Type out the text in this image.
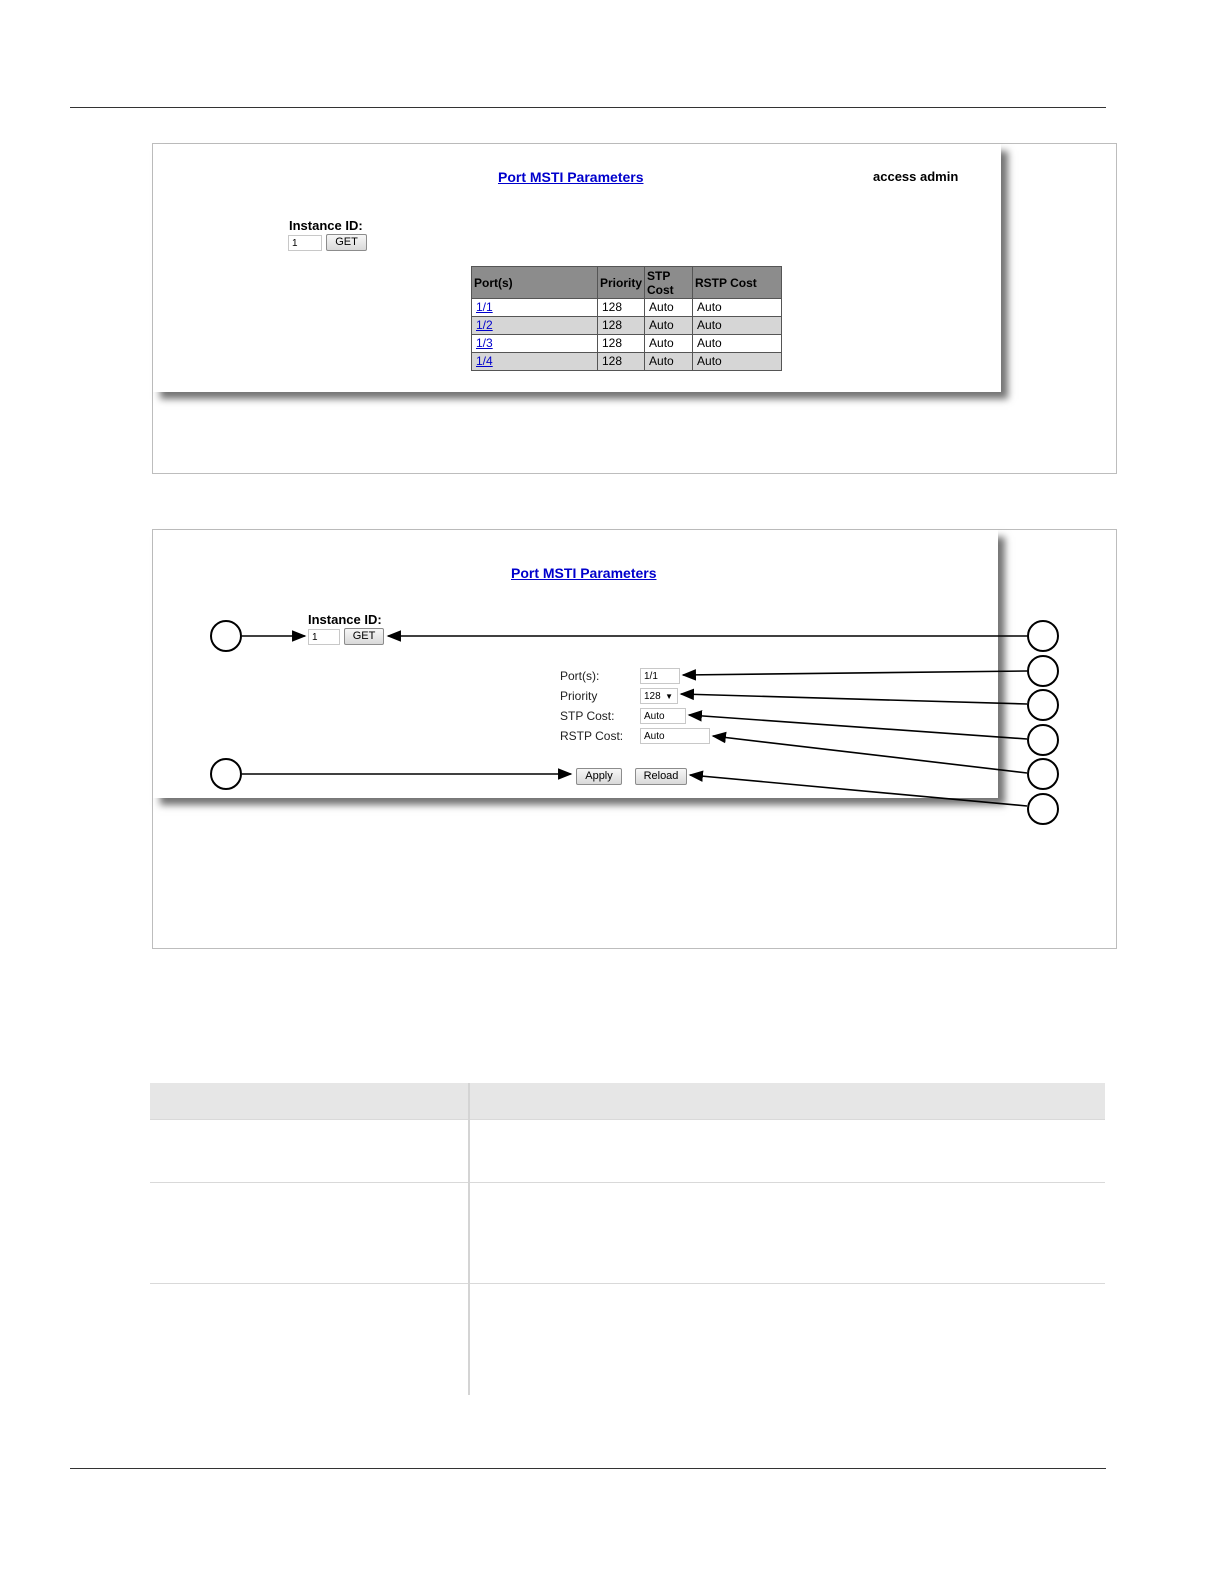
Port MSTI Parameters	access admin
Instance ID:
1	GET
Port(s)	Priority	STP Cost	RSTP Cost
1/1	128	Auto	Auto
1/2	128	Auto	Auto
1/3	128	Auto	Auto
1/4	128	Auto	Auto
Port MSTI Parameters
Instance ID:
1	GET
Port(s):	1/1
Priority	128 ▼
STP Cost:	Auto
RSTP Cost:	Auto
Apply	Reload
